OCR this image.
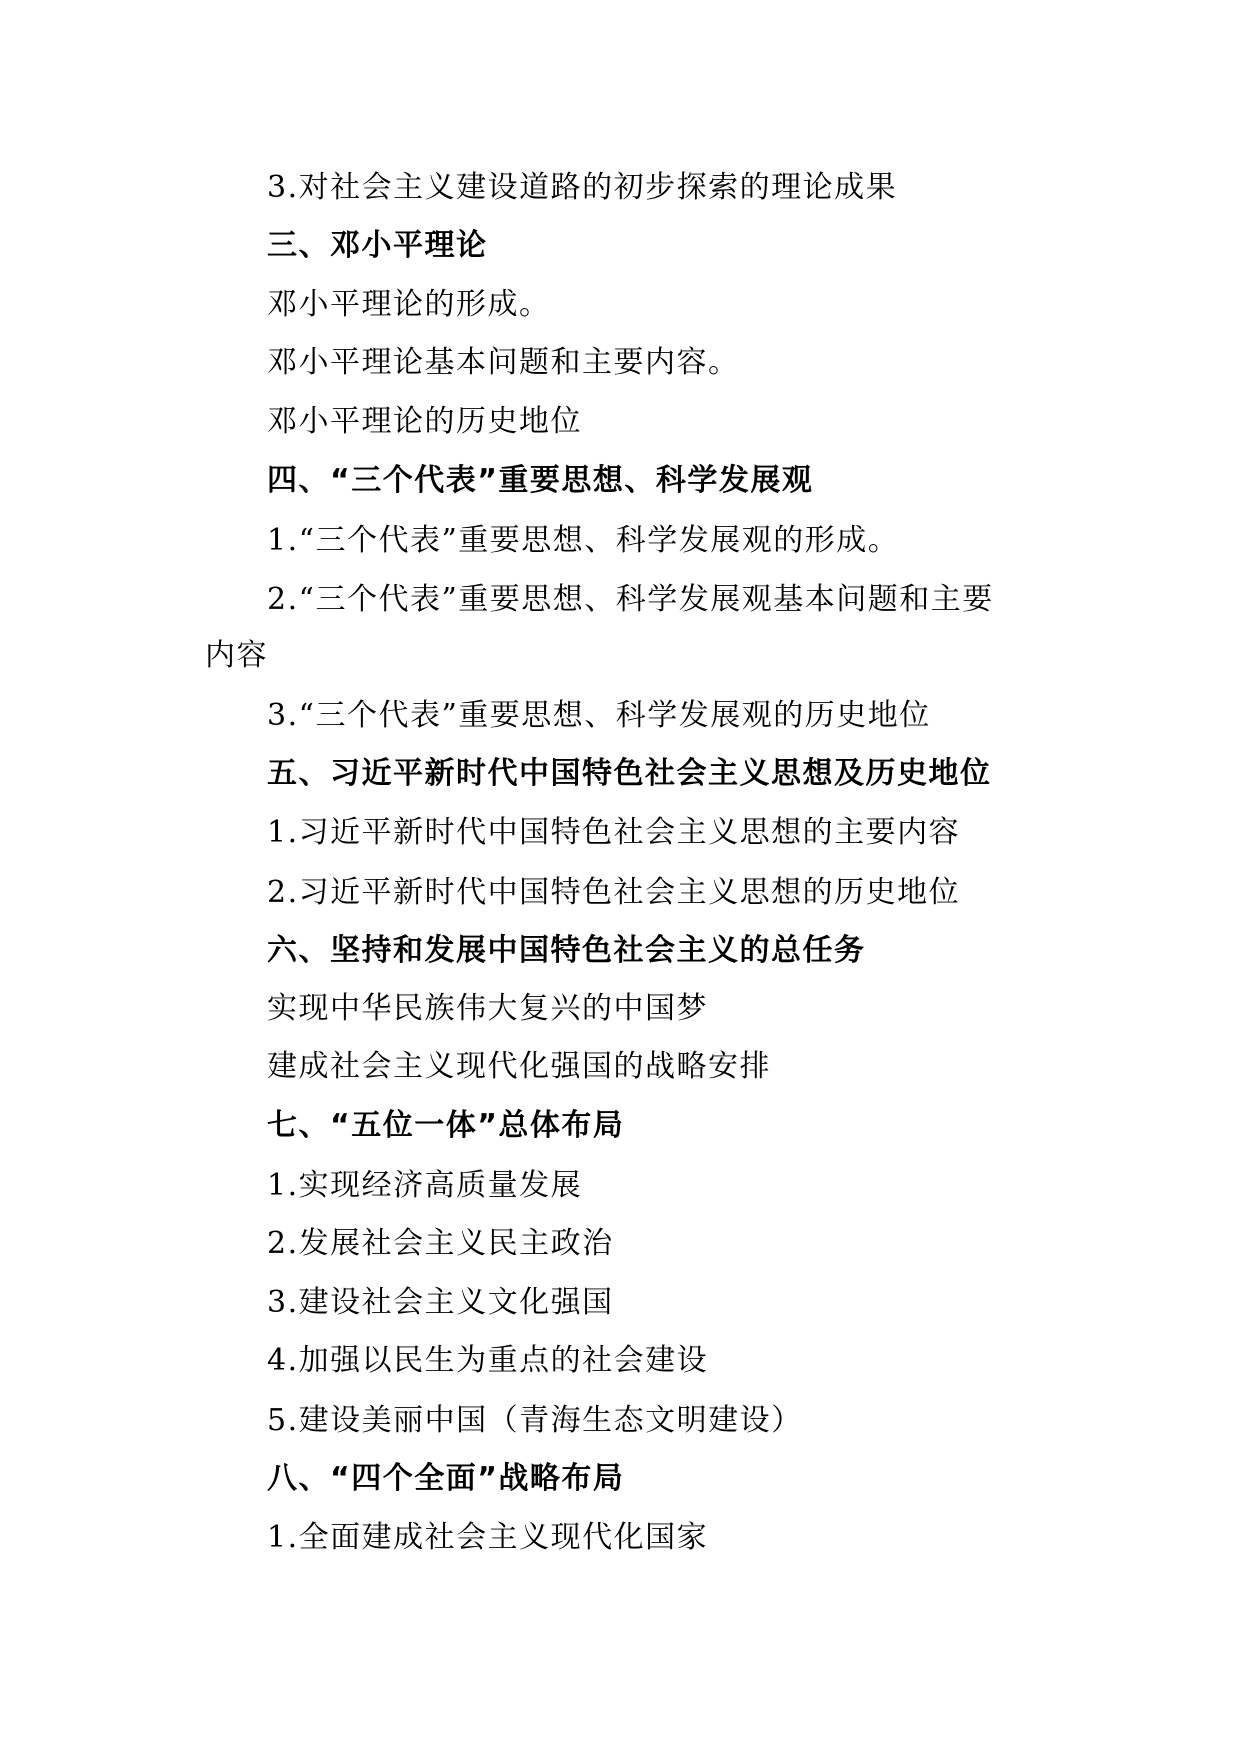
3.对社会主义建设道路的初步探索的理论成果
三、邓小平理论
邓小平理论的形成。
邓小平理论基本问题和主要内容。
邓小平理论的历史地位
四、“三个代表”重要思想、科学发展观
1.“三个代表”重要思想、科学发展观的形成。
2.“三个代表”重要思想、科学发展观基本问题和主要
内容
3.“三个代表”重要思想、科学发展观的历史地位
五、习近平新时代中国特色社会主义思想及历史地位
1.习近平新时代中国特色社会主义思想的主要内容
2.习近平新时代中国特色社会主义思想的历史地位
六、坚持和发展中国特色社会主义的总任务
实现中华民族伟大复兴的中国梦
建成社会主义现代化强国的战略安排
七、“五位一体”总体布局
1.实现经济高质量发展
2.发展社会主义民主政治
3.建设社会主义文化强国
4.加强以民生为重点的社会建设
5.建设美丽中国（青海生态文明建设）
八、“四个全面”战略布局
1.全面建成社会主义现代化国家
